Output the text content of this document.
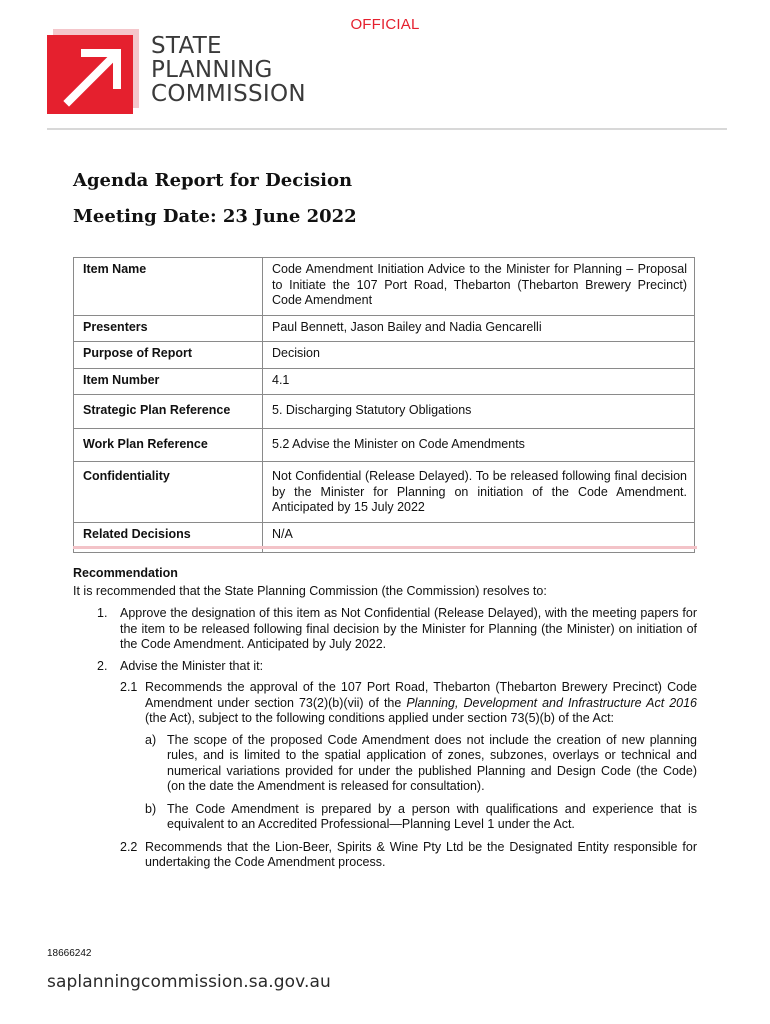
OFFICIAL
STATE
PLANNING
COMMISSION
Agenda Report for Decision
Meeting Date: 23 June 2022
Item Name	Code Amendment Initiation Advice to the Minister for Planning – Proposal to Initiate the 107 Port Road, Thebarton (Thebarton Brewery Precinct) Code Amendment
Presenters	Paul Bennett, Jason Bailey and Nadia Gencarelli
Purpose of Report	Decision
Item Number	4.1
Strategic Plan Reference	5. Discharging Statutory Obligations
Work Plan Reference	5.2 Advise the Minister on Code Amendments
Confidentiality	Not Confidential (Release Delayed). To be released following final decision by the Minister for Planning on initiation of the Code Amendment. Anticipated by 15 July 2022
Related Decisions	N/A
Recommendation
It is recommended that the State Planning Commission (the Commission) resolves to:
1.	Approve the designation of this item as Not Confidential (Release Delayed), with the meeting papers for the item to be released following final decision by the Minister for Planning (the Minister) on initiation of the Code Amendment. Anticipated by July 2022.
2.	Advise the Minister that it:
2.1 Recommends the approval of the 107 Port Road, Thebarton (Thebarton Brewery Precinct) Code Amendment under section 73(2)(b)(vii) of the Planning, Development and Infrastructure Act 2016 (the Act), subject to the following conditions applied under section 73(5)(b) of the Act:
a) The scope of the proposed Code Amendment does not include the creation of new planning rules, and is limited to the spatial application of zones, subzones, overlays or technical and numerical variations provided for under the published Planning and Design Code (the Code) (on the date the Amendment is released for consultation).
b) The Code Amendment is prepared by a person with qualifications and experience that is equivalent to an Accredited Professional—Planning Level 1 under the Act.
2.2 Recommends that the Lion-Beer, Spirits & Wine Pty Ltd be the Designated Entity responsible for undertaking the Code Amendment process.
18666242
saplanningcommission.sa.gov.au
